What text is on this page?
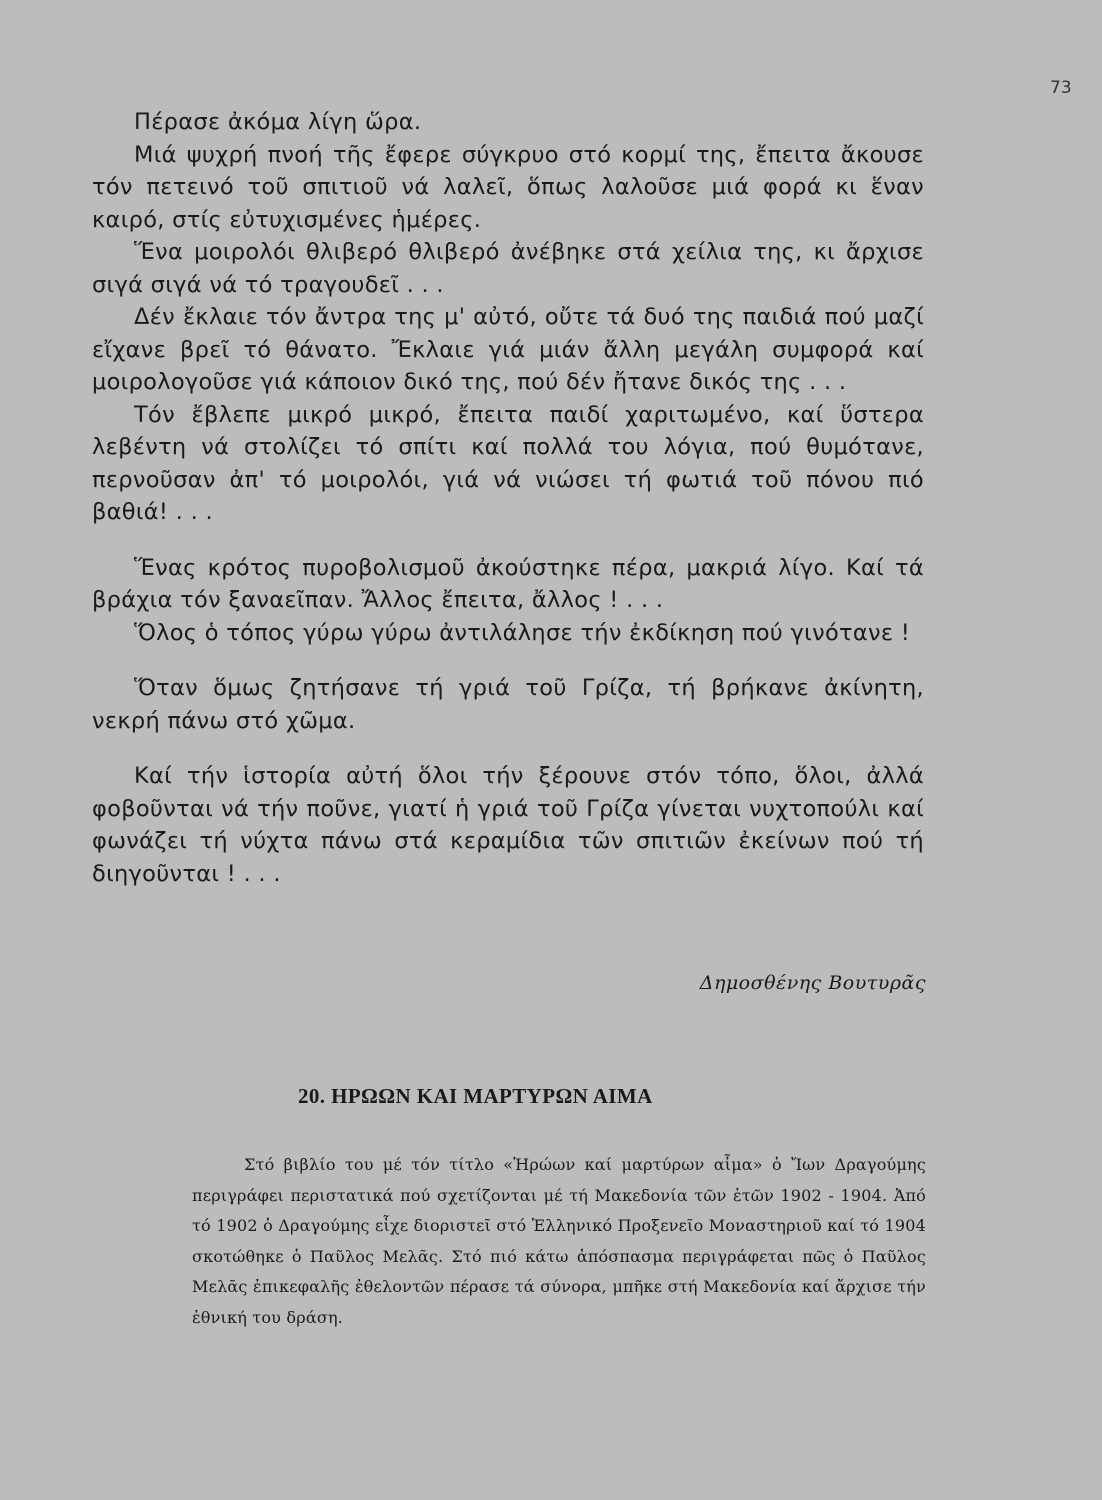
73

Πέρασε ἀκόμα λίγη ὥρα.

Μιά ψυχρή πνοή τῆς ἔφερε σύγκρυο στό κορμί της, ἔπειτα ἄκουσε τόν πετεινό τοῦ σπιτιοῦ νά λαλεῖ, ὅπως λαλοῦσε μιά φορά κι ἕναν καιρό, στίς εὐτυχισμένες ἡμέρες.

Ἕνα μοιρολόι θλιβερό θλιβερό ἀνέβηκε στά χείλια της, κι ἄρχισε σιγά σιγά νά τό τραγουδεῖ . . .

Δέν ἔκλαιε τόν ἄντρα της μ' αὐτό, οὔτε τά δυό της παιδιά πού μαζί εἴχανε βρεῖ τό θάνατο. Ἔκλαιε γιά μιάν ἄλλη μεγάλη συμφορά καί μοιρολογοῦσε γιά κάποιον δικό της, πού δέν ἤτανε δικός της . . .

Τόν ἔβλεπε μικρό μικρό, ἔπειτα παιδί χαριτωμένο, καί ὕστερα λεβέντη νά στολίζει τό σπίτι καί πολλά του λόγια, πού θυμότανε, περνοῦσαν ἀπ' τό μοιρολόι, γιά νά νιώσει τή φωτιά τοῦ πόνου πιό βαθιά! . . .

Ἕνας κρότος πυροβολισμοῦ ἀκούστηκε πέρα, μακριά λίγο. Καί τά βράχια τόν ξαναεῖπαν. Ἄλλος ἔπειτα, ἄλλος ! . . .

Ὅλος ὁ τόπος γύρω γύρω ἀντιλάλησε τήν ἐκδίκηση πού γινότανε !

Ὅταν ὅμως ζητήσανε τή γριά τοῦ Γρίζα, τή βρήκανε ἀκίνητη, νεκρή πάνω στό χῶμα.

Καί τήν ἱστορία αὐτή ὅλοι τήν ξέρουνε στόν τόπο, ὅλοι, ἀλλά φοβοῦνται νά τήν ποῦνε, γιατί ἡ γριά τοῦ Γρίζα γίνεται νυχτοπούλι καί φωνάζει τή νύχτα πάνω στά κεραμίδια τῶν σπιτιῶν ἐκείνων πού τή διηγοῦνται ! . . .

Δημοσθένης Βουτυρᾶς
20. ΗΡΩΩΝ ΚΑΙ ΜΑΡΤΥΡΩΝ ΑΙΜΑ

Στό βιβλίο του μέ τόν τίτλο «Ἡρώων καί μαρτύρων αἷμα» ὁ Ἴων Δραγούμης περιγράφει περιστατικά πού σχετίζονται μέ τή Μακεδονία τῶν ἐτῶν 1902 - 1904. Ἀπό τό 1902 ὁ Δραγούμης εἶχε διοριστεῖ στό Ἑλληνικό Προξενεῖο Μοναστηριοῦ καί τό 1904 σκοτώθηκε ὁ Παῦλος Μελᾶς. Στό πιό κάτω ἀπόσπασμα περιγράφεται πῶς ὁ Παῦλος Μελᾶς ἐπικεφαλῆς ἐθελοντῶν πέρασε τά σύνορα, μπῆκε στή Μακεδονία καί ἄρχισε τήν ἐθνική του δράση.
